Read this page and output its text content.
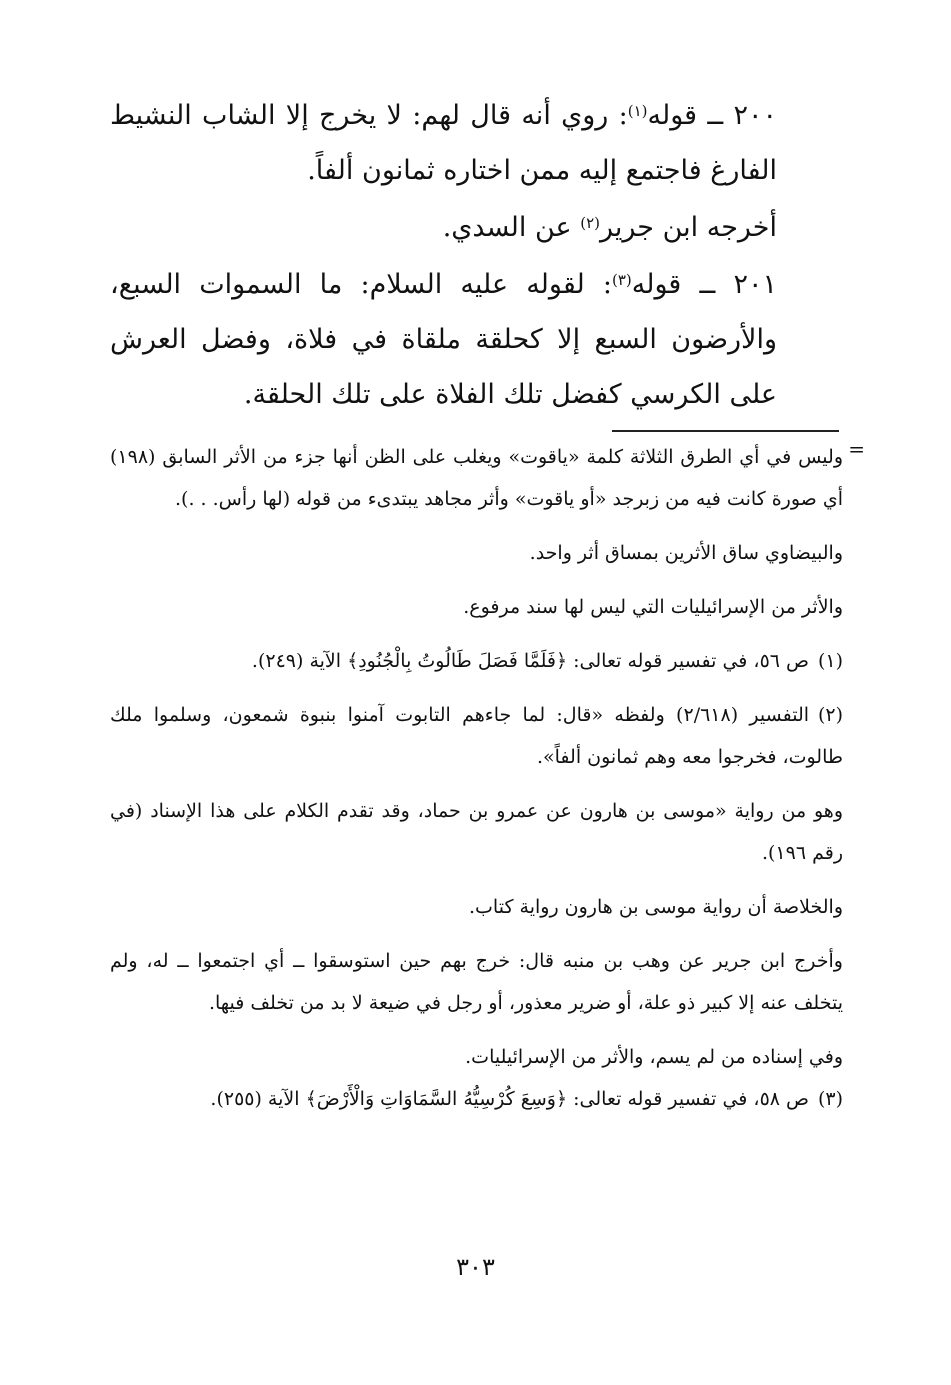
٢٠٠ ــ قوله$^{(١)}$: روي أنه قال لهم: لا يخرج إلا الشاب النشيط الفارغ فاجتمع إليه ممن اختاره ثمانون ألفاً.

أخرجه ابن جرير$^{(٢)}$ عن السدي.

٢٠١ ــ قوله$^{(٣)}$: لقوله عليه السلام: ما السموات السبع، والأرضون السبع إلا كحلقة ملقاة في فلاة، وفضل العرش على الكرسي كفضل تلك الفلاة على تلك الحلقة.

=

وليس في أي الطرق الثلاثة كلمة «ياقوت» ويغلب على الظن أنها جزء من الأثر السابق (١٩٨) أي صورة كانت فيه من زبرجد «أو ياقوت» وأثر مجاهد يبتدىء من قوله (لها رأس. . .).

والبيضاوي ساق الأثرين بمساق أثر واحد.

والأثر من الإسرائيليات التي ليس لها سند مرفوع.

(١)ص ٥٦، في تفسير قوله تعالى: ﴿فَلَمَّا فَصَلَ طَالُوتُ بِالْجُنُودِ﴾ الآية (٢٤٩).

(٢)التفسير (٢/٦١٨) ولفظه «قال: لما جاءهم التابوت آمنوا بنبوة شمعون، وسلموا ملك طالوت، فخرجوا معه وهم ثمانون ألفاً».

وهو من رواية «موسى بن هارون عن عمرو بن حماد، وقد تقدم الكلام على هذا الإسناد (في رقم ١٩٦).

والخلاصة أن رواية موسى بن هارون رواية كتاب.

وأخرج ابن جرير عن وهب بن منبه قال: خرج بهم حين استوسقوا ــ أي اجتمعوا ــ له، ولم يتخلف عنه إلا كبير ذو علة، أو ضرير معذور، أو رجل في ضيعة لا بد من تخلف فيها.

وفي إسناده من لم يسم، والأثر من الإسرائيليات.

(٣)ص ٥٨، في تفسير قوله تعالى: ﴿وَسِعَ كُرْسِيُّهُ السَّمَاوَاتِ وَالْأَرْضَ﴾ الآية (٢٥٥).

٣٠٣
